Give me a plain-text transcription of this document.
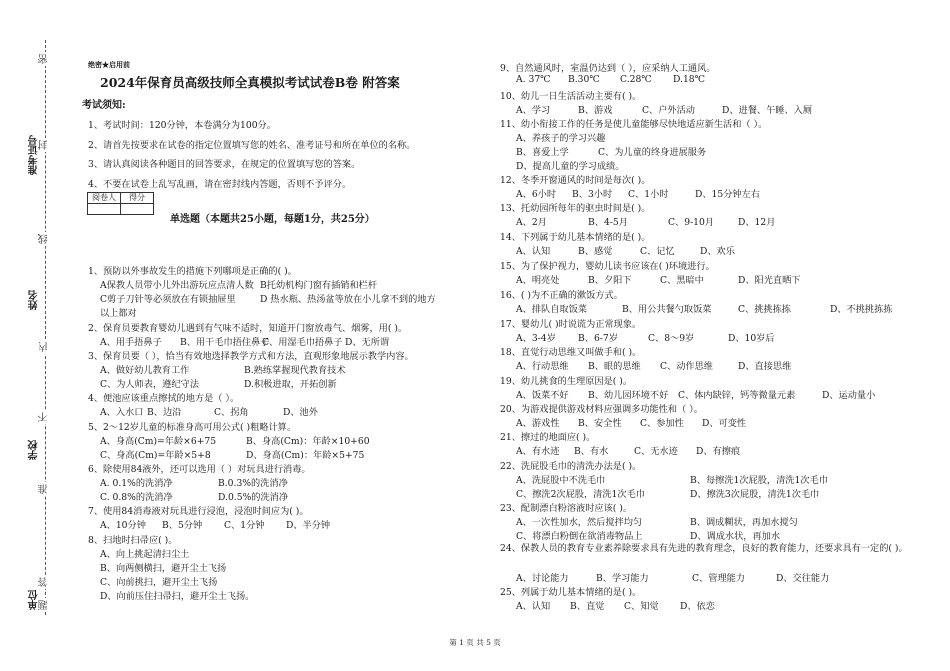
密
封
线
内
不
准
答
题
准考证号
姓名
学校
单位
绝密★启用前
2024年保育员高级技师全真模拟考试试卷B卷 附答案
考试须知:
1、考试时间：120分钟，本卷满分为100分。
2、请首先按要求在试卷的指定位置填写您的姓名、准考证号和所在单位的名称。
3、请认真阅读各种题目的回答要求，在规定的位置填写您的答案。
4、不要在试卷上乱写乱画，请在密封线内答题，否则不予评分。
阅卷人	得分

单选题（本题共25小题，每题1分，共25分）
1、预防以外事故发生的措施下列哪项是正确的( )。
A保教人员带小儿外出游玩应点清人数 B托幼机构门窗有插销和栏杆
C剪子刀针等必须放在有锁抽屉里	D 热水瓶、热汤盆等放在小儿拿不到的地方
以上都对
2、保育员要教育婴幼儿遇到有气味不适时，知道开门窗放毒气、烟雾，用( )。
A、用手捂鼻子 B、用干毛巾捂住鼻子
C、用湿毛巾捂鼻子 D、无所谓
3、保育员要（ ），恰当有效地选择教学方式和方法，直观形象地展示教学内容。
A、做好幼儿教育工作	B.熟练掌握现代教育技术
C、为人师表，遵纪守法	D.积极进取，开拓创新
4、便池应该重点擦拭的地方是（ ）。
A、入水口 B、边沿	C、拐角	D、池外
5、2～12岁儿童的标准身高可用公式( )粗略计算。
A、身高(Cm)=年龄×6+75	B、身高(Cm)：年龄×10+60
C、身高(Cm)=年龄×5+8	D、身高(Cm)：年龄×5+75
6、除使用84液外，还可以选用（ ）对玩具进行消毒。
A. 0.1%的洗消净	B.0.3%的洗消净
C. 0.8%的洗消净	D.0.5%的洗消净
7、使用84消毒液对玩具进行浸泡，浸泡时间应为( )。
A、10分钟 B、5分钟 C、1分钟 D、半分钟
8、扫地时扫帚应( )。
A、向上挑起清扫尘土
B、向两侧横扫，避开尘土飞扬
C、向前挑扫，避开尘土飞扬
D、向前压住扫帚扫，避开尘土飞扬。
9、自然通风时，室温仍达到（ ），应采纳人工通风。
A. 37℃ B.30℃ C.28℃ D.18℃
10、幼儿一日生活活动主要有( )。
A、学习	B、游戏	C、户外活动	D、进餐、午睡、入厕
11、幼小衔接工作的任务是使儿童能够尽快地适应新生活和（ ）。
A、养孩子的学习兴趣
B、喜爱上学	C、为儿童的终身进展服务
D、提高儿童的学习成绩。
12、冬季开窗通风的时间是每次( )。
A、6小时 B、3小时 C、1小时	D、15分钟左右
13、托幼园所每年的驱虫时间是( )。
A、2月	B、4-5月	C、9-10月	D、12月
14、下列属于幼儿基本情绪的是( )。
A、认知	B、感觉	C、记忆	D、欢乐
15、为了保护视力，婴幼儿读书应该在( )环境进行。
A、明亮处	B、夕阳下	C、黑暗中	D、阳光直晒下
16、( )为不正确的漱饭方式。
A、排队自取饭菜	B、用公共餐勺取饭菜	C、挑挑拣拣	D、不挑挑拣拣
17、婴幼儿( )时说谎为正常现象。
A、3-4岁 B、6-7岁	C、8～9岁	D、10岁后
18、直觉行动思维又叫做手和( )。
A、行动思维 B、眼的思维 C、动作思维	D、直接思维
19、幼儿挑食的生理原因是( )。
A、饭菜不好 B、幼儿园环境不好 C、体内缺锌，钙等微量元素	D、运动量小
20、为游戏提供游戏材料应强调多功能性和（ ）。
A、游戏性 B、安全性 C、参加性 D、可变性
21、擦过的地面应( )。
A、有水迹 B、有水	C、无水迹 D、有擦痕
22、洗屁股毛巾的清洗办法是( )。
A、洗屁股中不洗毛巾	B、每擦洗1次屁股，清洗1次毛巾
C、擦洗2次屁股，清洗1次毛巾	D、擦洗3次屁股，清洗1次毛巾
23、配制漂白粉溶液时应该( )。
A、一次性加水，然后搅拌均匀	B、调成糊状，再加水搅匀
C、将漂白粉倒在欲消毒物品上	D、调成水状，再加水
24、保教人员的教育专业素养除要求具有先进的教育理念，良好的教育能力，还要求具有一定的( )。
A、讨论能力	B、学习能力	C、管理能力	D、交往能力
25、列属于幼儿基本情绪的是( )。
A、认知 B、直觉 C、知觉 D、依恋
第 1 页 共 5 页
